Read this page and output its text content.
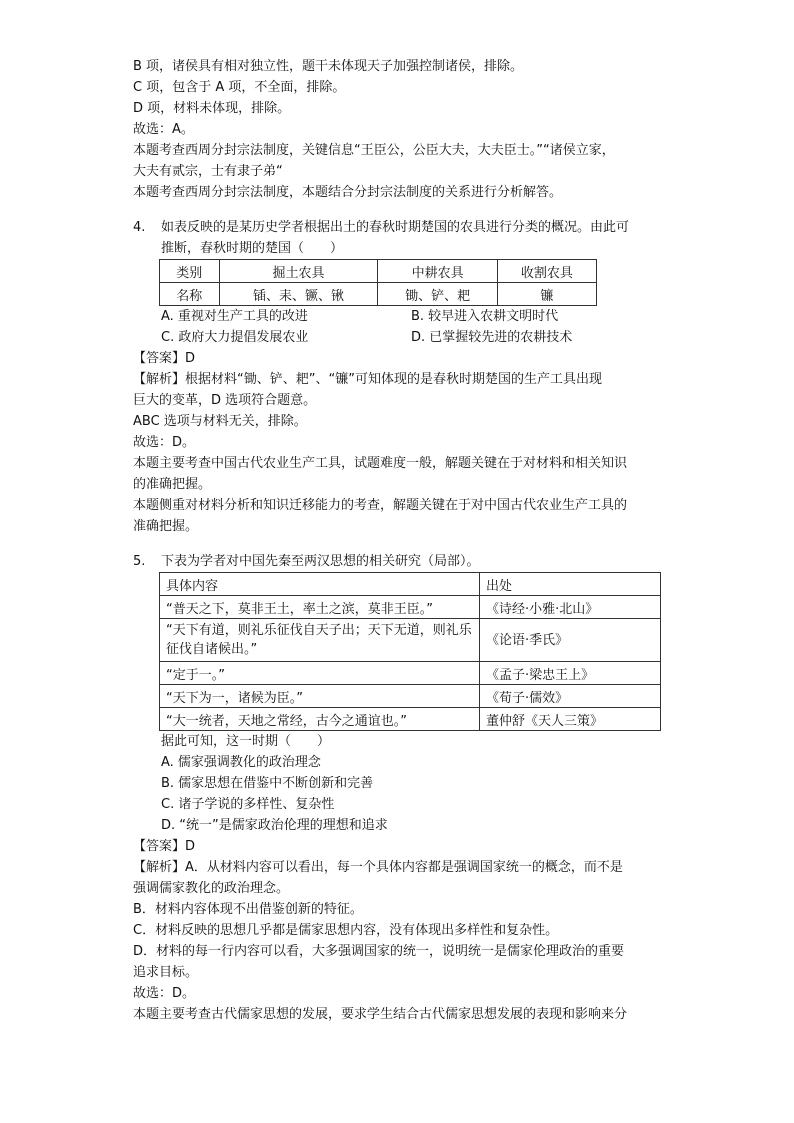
B 项，诸侯具有相对独立性，题干未体现天子加强控制诸侯，排除。
C 项，包含于 A 项，不全面，排除。
D 项，材料未体现，排除。
故选：A。
本题考查西周分封宗法制度，关键信息“王臣公，公臣大夫，大夫臣士。”“诸侯立家，
大夫有贰宗，士有隶子弟“
本题考查西周分封宗法制度，本题结合分封宗法制度的关系进行分析解答。
4. 如表反映的是某历史学者根据出土的春秋时期楚国的农具进行分类的概况。由此可
推断，春秋时期的楚国（　　）
类别	掘土农具	中耕农具	收割农具
名称	锸、耒、镢、锹	锄、铲、耙	镰
A. 重视对生产工具的改进	B. 较早进入农耕文明时代
C. 政府大力提倡发展农业	D. 已掌握较先进的农耕技术
【答案】D
【解析】根据材料“锄、铲、耙”、“镰”可知体现的是春秋时期楚国的生产工具出现
巨大的变革，D 选项符合题意。
ABC 选项与材料无关，排除。
故选：D。
本题主要考查中国古代农业生产工具，试题难度一般，解题关键在于对材料和相关知识
的准确把握。
本题侧重对材料分析和知识迁移能力的考查，解题关键在于对中国古代农业生产工具的
准确把握。
5. 下表为学者对中国先秦至两汉思想的相关研究（局部）。
具体内容	出处
“普天之下，莫非王土，率土之滨，莫非王臣。”	《诗经·小雅·北山》
“天下有道，则礼乐征伐自天子出；天下无道，则礼乐征伐自诸候出。”	《论语·季氏》
“定于一。”	《孟子·梁忠王上》
“天下为一，诸候为臣。”	《荀子·儒效》
“大一统者，天地之常经，古今之通谊也。”	董仲舒《天人三策》
据此可知，这一时期（　　）
A. 儒家强调教化的政治理念
B. 儒家思想在借鉴中不断创新和完善
C. 诸子学说的多样性、复杂性
D. “统一”是儒家政治伦理的理想和追求
【答案】D
【解析】A．从材料内容可以看出，每一个具体内容都是强调国家统一的概念，而不是
强调儒家教化的政治理念。
B．材料内容体现不出借鉴创新的特征。
C．材料反映的思想几乎都是儒家思想内容，没有体现出多样性和复杂性。
D．材料的每一行内容可以看，大多强调国家的统一，说明统一是儒家伦理政治的重要
追求目标。
故选：D。
本题主要考查古代儒家思想的发展，要求学生结合古代儒家思想发展的表现和影响来分
